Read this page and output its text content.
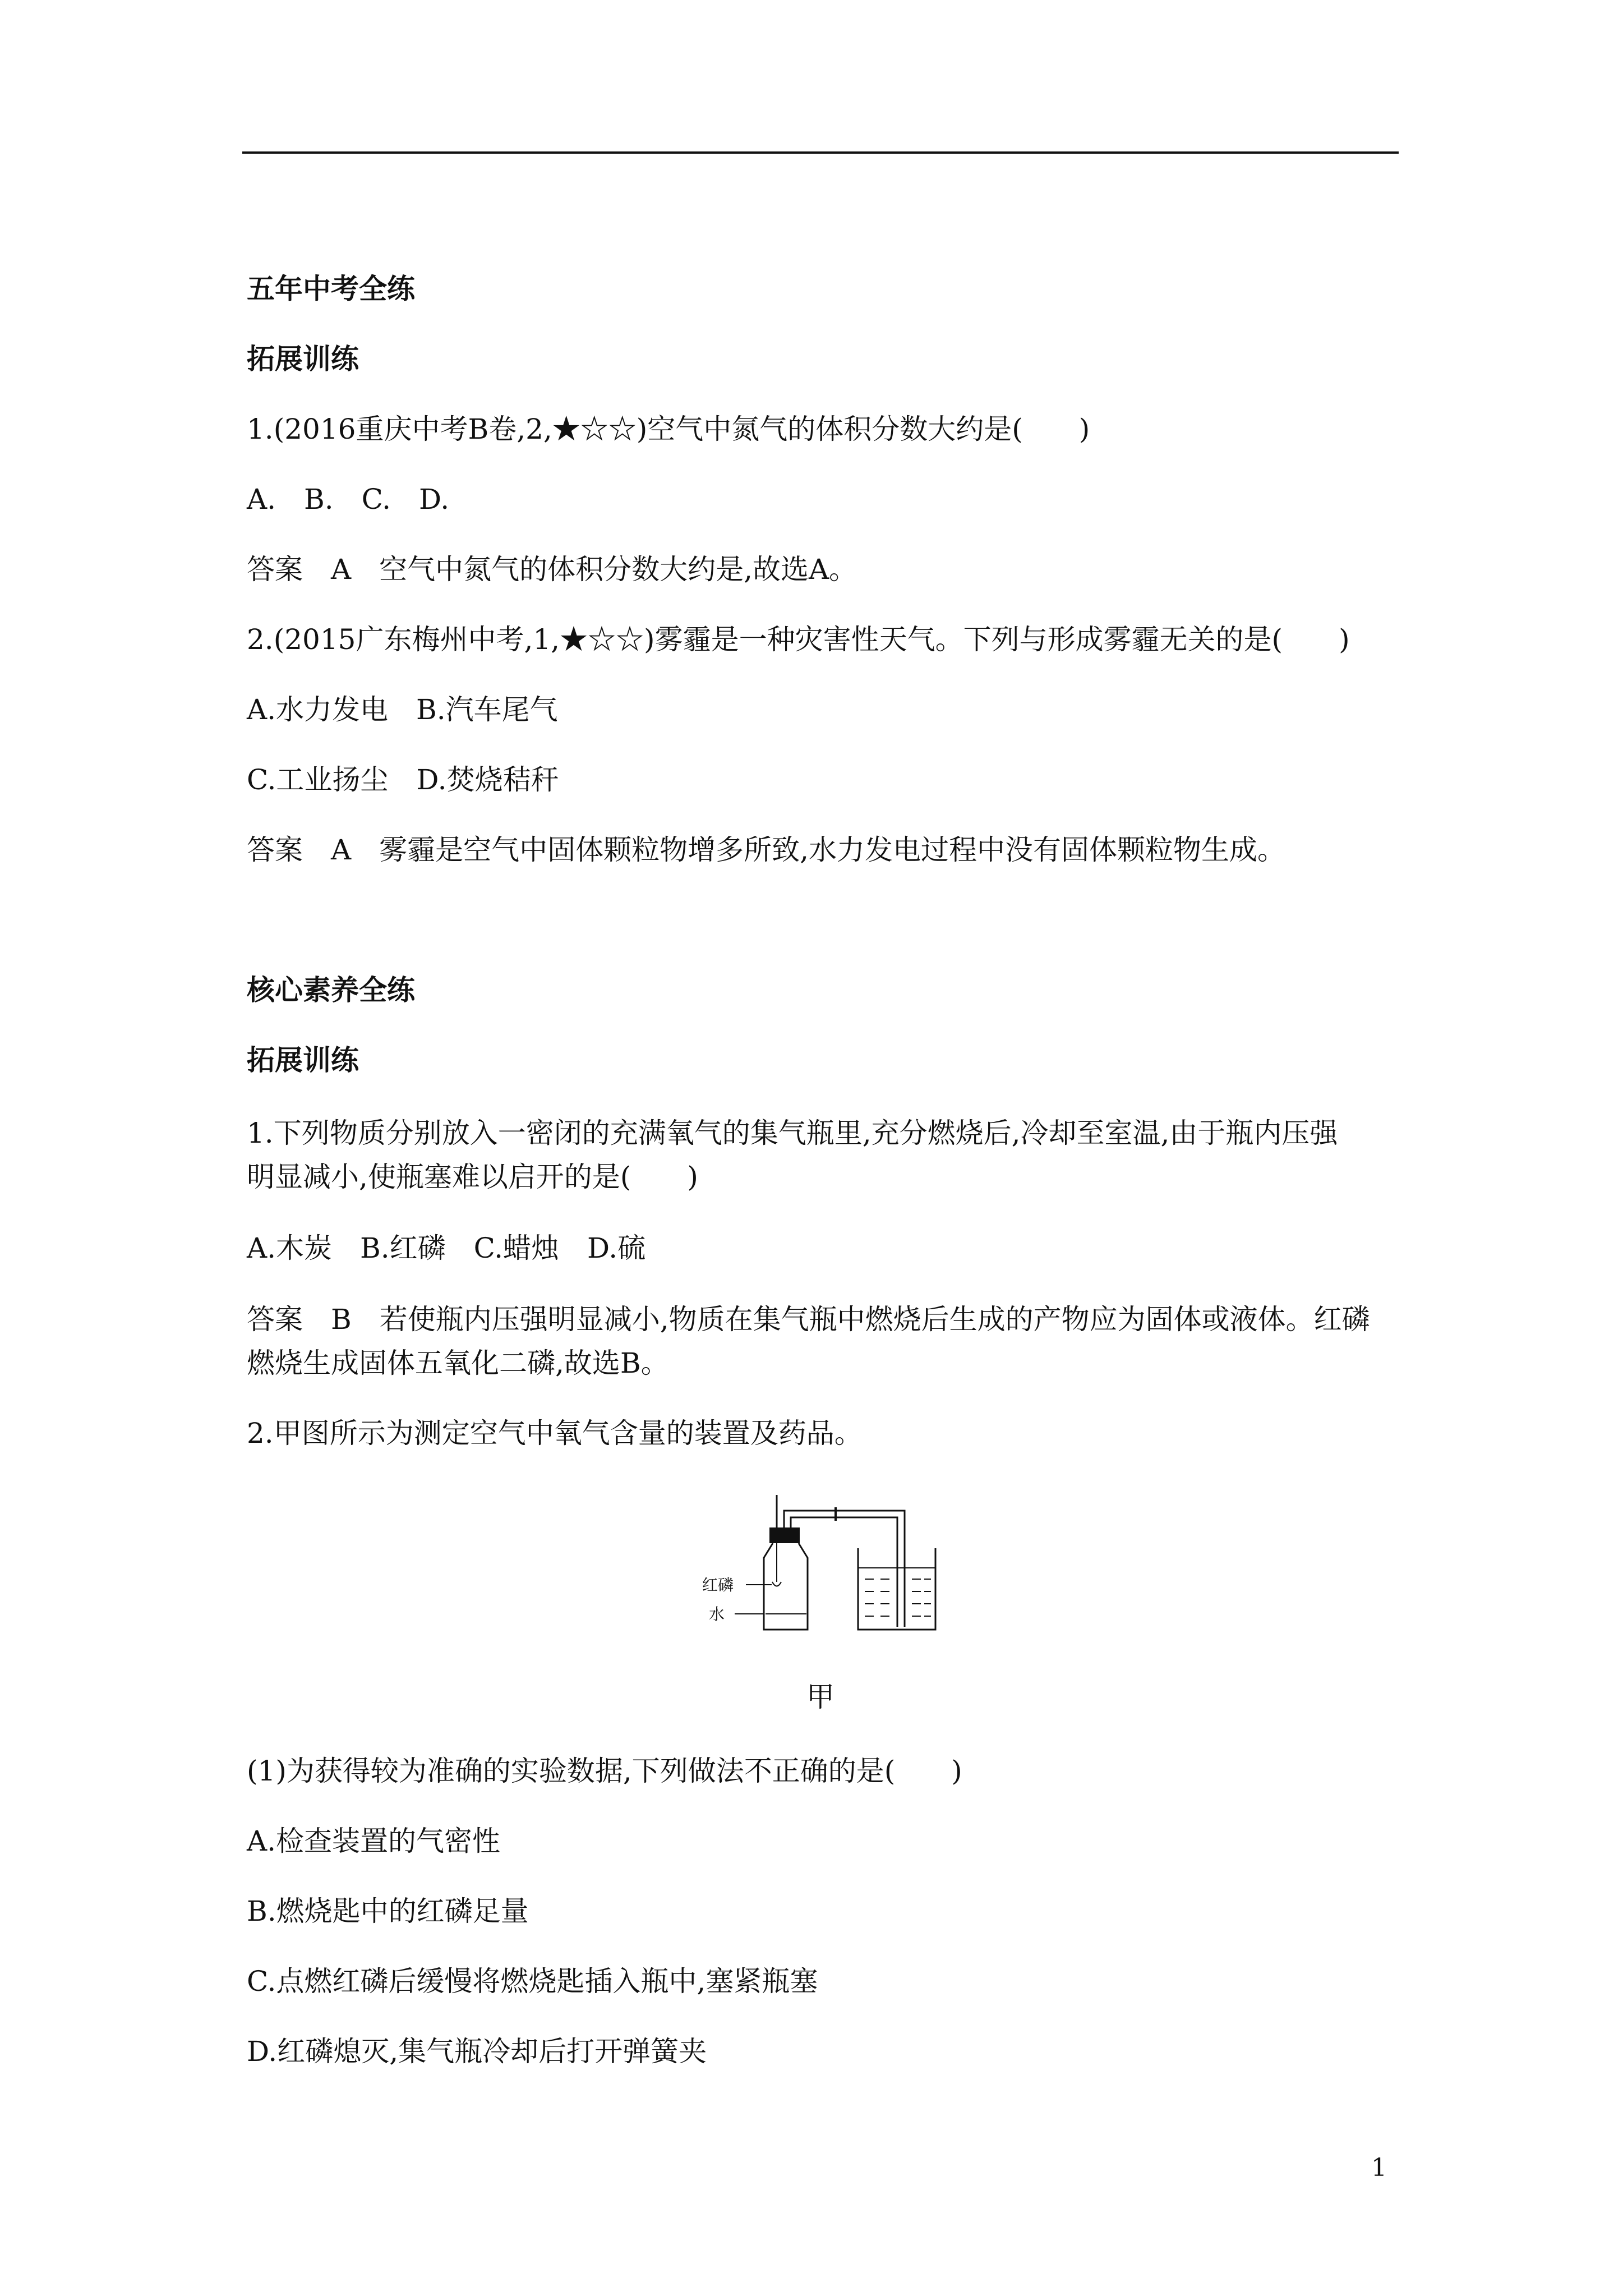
五年中考全练
拓展训练
1.(2016重庆中考B卷,2,★☆☆)空气中氮气的体积分数大约是(　　)
A.　B.　C.　D.
答案　A　空气中氮气的体积分数大约是,故选A。
2.(2015广东梅州中考,1,★☆☆)雾霾是一种灾害性天气。下列与形成雾霾无关的是(　　)
A.水力发电　B.汽车尾气
C.工业扬尘　D.焚烧秸秆
答案　A　雾霾是空气中固体颗粒物增多所致,水力发电过程中没有固体颗粒物生成。
核心素养全练
拓展训练
1.下列物质分别放入一密闭的充满氧气的集气瓶里,充分燃烧后,冷却至室温,由于瓶内压强
明显减小,使瓶塞难以启开的是(　　)
A.木炭　B.红磷　C.蜡烛　D.硫
答案　B　若使瓶内压强明显减小,物质在集气瓶中燃烧后生成的产物应为固体或液体。红磷
燃烧生成固体五氧化二磷,故选B。
2.甲图所示为测定空气中氧气含量的装置及药品。
红磷
水
甲
(1)为获得较为准确的实验数据,下列做法不正确的是(　　)
A.检查装置的气密性
B.燃烧匙中的红磷足量
C.点燃红磷后缓慢将燃烧匙插入瓶中,塞紧瓶塞
D.红磷熄灭,集气瓶冷却后打开弹簧夹
1
